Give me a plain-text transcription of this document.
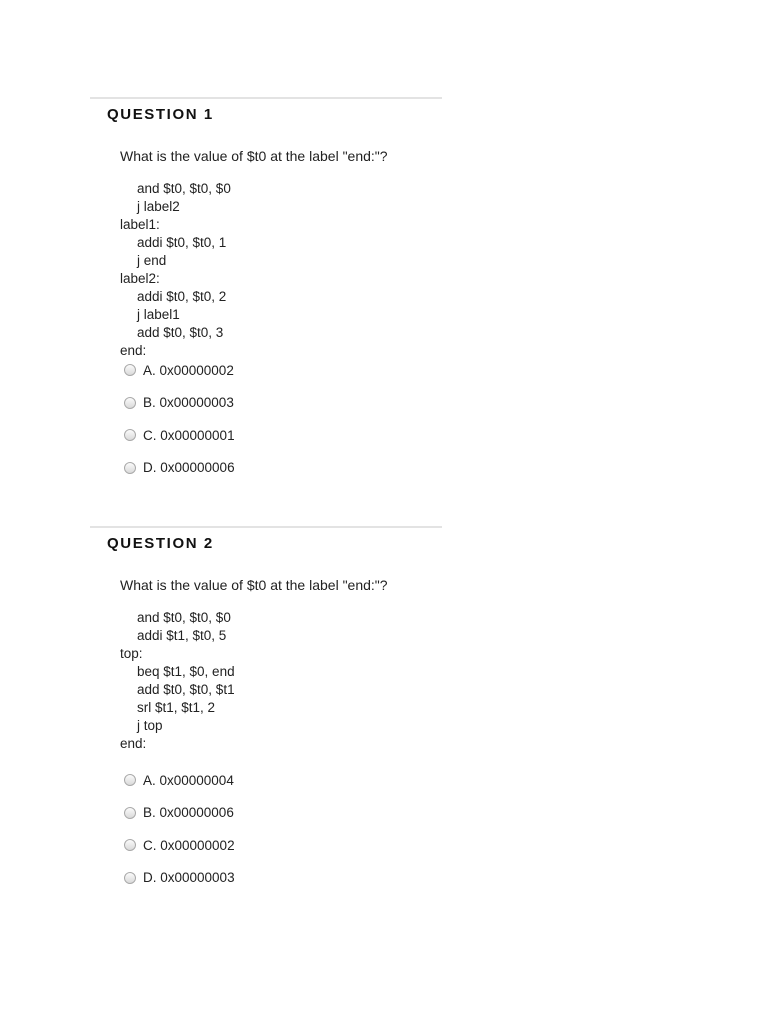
QUESTION 1
What is the value of $t0 at the label "end:"?
and $t0, $t0, $0
j label2
label1:
addi $t0, $t0, 1
j end
label2:
addi $t0, $t0, 2
j label1
add $t0, $t0, 3
end:
A. 0x00000002
B. 0x00000003
C. 0x00000001
D. 0x00000006
QUESTION 2
What is the value of $t0 at the label "end:"?
and $t0, $t0, $0
addi $t1, $t0, 5
top:
beq $t1, $0, end
add $t0, $t0, $t1
srl $t1, $t1, 2
j top
end:
A. 0x00000004
B. 0x00000006
C. 0x00000002
D. 0x00000003
